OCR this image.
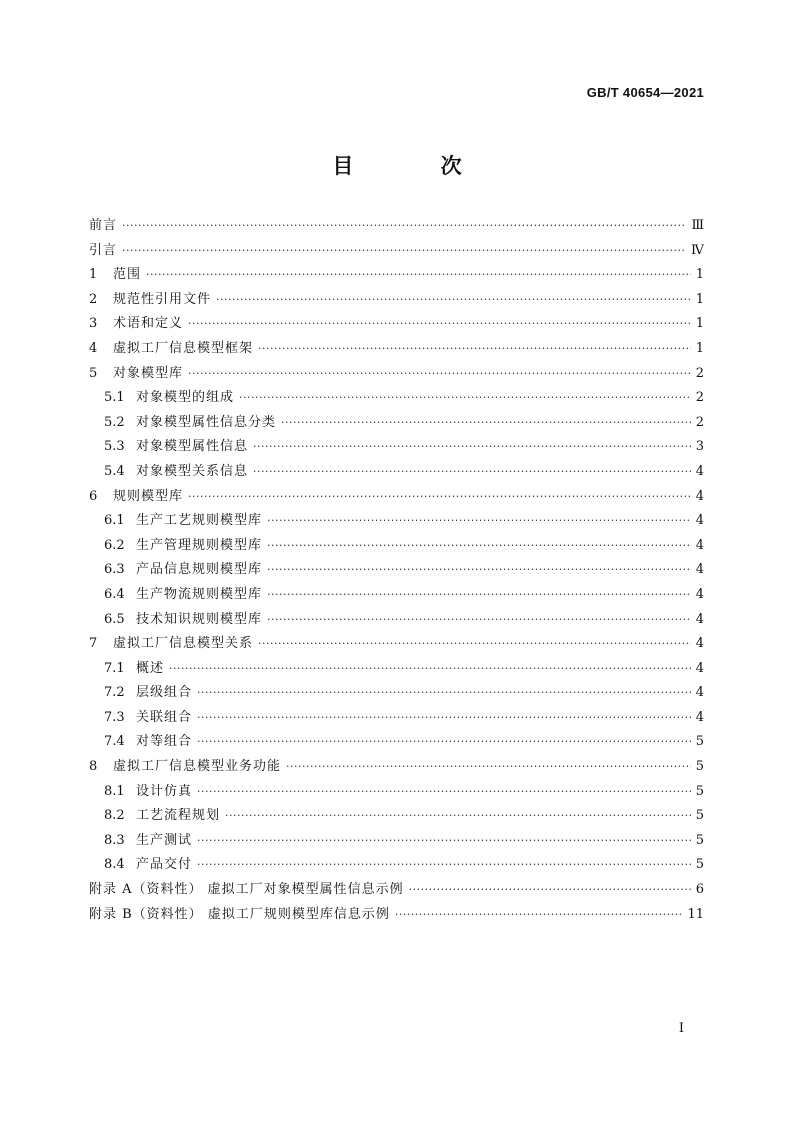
GB/T 40654—2021
目 次
前言 ·····	Ⅲ
引言 ·····	Ⅳ
1	范围 ·····	1
2	规范性引用文件 ·····	1
3	术语和定义 ·····	1
4	虚拟工厂信息模型框架 ·····	1
5	对象模型库 ·····	2
5.1 对象模型的组成 ·····	2
5.2 对象模型属性信息分类 ·····	2
5.3 对象模型属性信息 ·····	3
5.4 对象模型关系信息 ·····	4
6	规则模型库 ·····	4
6.1 生产工艺规则模型库 ·····	4
6.2 生产管理规则模型库 ·····	4
6.3 产品信息规则模型库 ·····	4
6.4 生产物流规则模型库 ·····	4
6.5 技术知识规则模型库 ·····	4
7	虚拟工厂信息模型关系 ·····	4
7.1 概述 ·····	4
7.2 层级组合 ·····	4
7.3 关联组合 ·····	4
7.4 对等组合 ·····	5
8	虚拟工厂信息模型业务功能 ·····	5
8.1 设计仿真 ·····	5
8.2 工艺流程规划 ·····	5
8.3 生产测试 ·····	5
8.4 产品交付 ·····	5
附录 A（资料性） 虚拟工厂对象模型属性信息示例 ·····	6
附录 B（资料性） 虚拟工厂规则模型库信息示例 ·····	11
I
